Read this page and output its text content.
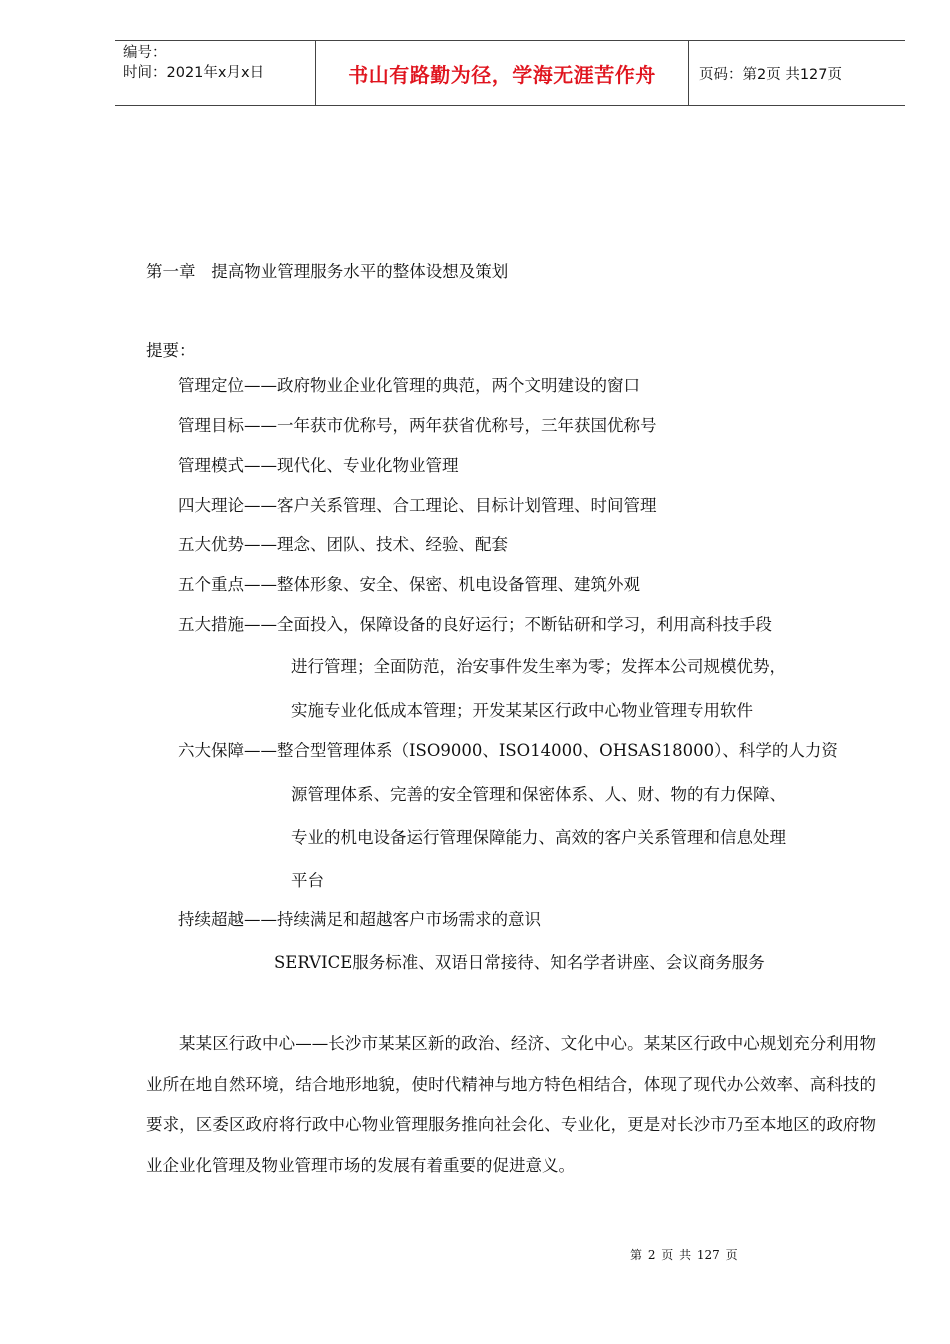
编号：
时间：2021年x月x日	书山有路勤为径，学海无涯苦作舟	页码：第2页 共127页
第一章   提高物业管理服务水平的整体设想及策划
提要：
管理定位——政府物业企业化管理的典范，两个文明建设的窗口
管理目标——一年获市优称号，两年获省优称号，三年获国优称号
管理模式——现代化、专业化物业管理
四大理论——客户关系管理、合工理论、目标计划管理、时间管理
五大优势——理念、团队、技术、经验、配套
五个重点——整体形象、安全、保密、机电设备管理、建筑外观
五大措施——全面投入，保障设备的良好运行；不断钻研和学习，利用高科技手段
进行管理；全面防范，治安事件发生率为零；发挥本公司规模优势，
实施专业化低成本管理；开发某某区行政中心物业管理专用软件
六大保障——整合型管理体系（ISO9000、ISO14000、OHSAS18000）、科学的人力资
源管理体系、完善的安全管理和保密体系、人、财、物的有力保障、
专业的机电设备运行管理保障能力、高效的客户关系管理和信息处理
平台
持续超越——持续满足和超越客户市场需求的意识
SERVICE服务标准、双语日常接待、知名学者讲座、会议商务服务
某某区行政中心——长沙市某某区新的政治、经济、文化中心。某某区行政中心规划充分利用物业所在地自然环境，结合地形地貌，使时代精神与地方特色相结合，体现了现代办公效率、高科技的要求，区委区政府将行政中心物业管理服务推向社会化、专业化，更是对长沙市乃至本地区的政府物业企业化管理及物业管理市场的发展有着重要的促进意义。
第 2 页 共 127 页
